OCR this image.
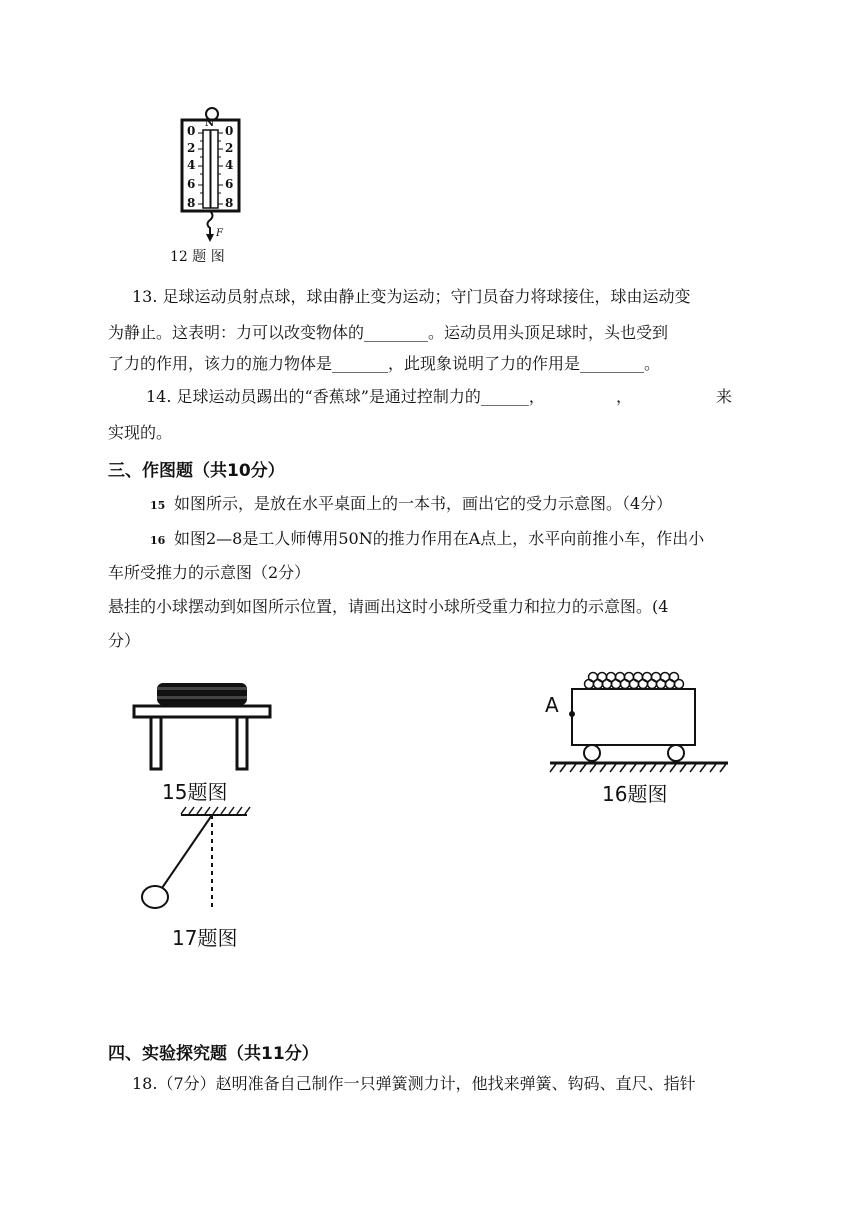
N
F
0
2
4
6
8
0
2
4
6
8
12 题 图
13. 足球运动员射点球，球由静止变为运动；守门员奋力将球接住，球由运动变
为静止。这表明：力可以改变物体的________。运动员用头顶足球时，头也受到
了力的作用，该力的施力物体是_______，此现象说明了力的作用是________。
14. 足球运动员踢出的“香蕉球”是通过控制力的______，	，	来
实现的。
三、作图题（共10分）
15 如图所示，是放在水平桌面上的一本书，画出它的受力示意图。（4分）
16 如图2—8是工人师傅用50N的推力作用在A点上，水平向前推小车，作出小
车所受推力的示意图（2分）
悬挂的小球摆动到如图所示位置，请画出这时小球所受重力和拉力的示意图。(4
分）
15题图
A
16题图
17题图
四、实验探究题（共11分）
18.（7分）赵明准备自己制作一只弹簧测力计，他找来弹簧、钩码、直尺、指针
